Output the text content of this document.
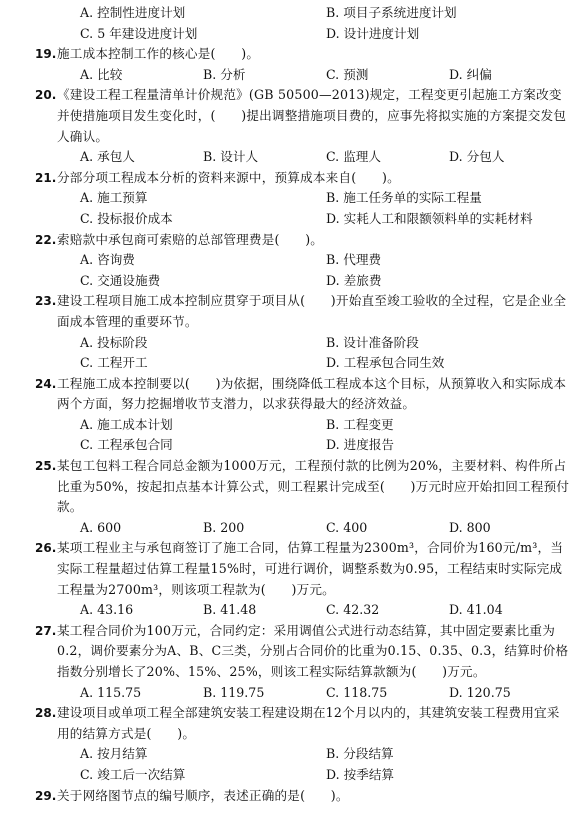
A. 控制性进度计划	B. 项目子系统进度计划
C. 5 年建设进度计划	D. 设计进度计划
19. 施工成本控制工作的核心是(　　)。
A. 比较	B. 分析	C. 预测	D. 纠偏
20. 《建设工程工程量清单计价规范》(GB 50500—2013)规定，工程变更引起施工方案改变并使措施项目发生变化时，(　　)提出调整措施项目费的，应事先将拟实施的方案提交发包人确认。
A. 承包人	B. 设计人	C. 监理人	D. 分包人
21. 分部分项工程成本分析的资料来源中，预算成本来自(　　)。
A. 施工预算	B. 施工任务单的实际工程量
C. 投标报价成本	D. 实耗人工和限额领料单的实耗材料
22. 索赔款中承包商可索赔的总部管理费是(　　)。
A. 咨询费	B. 代理费
C. 交通设施费	D. 差旅费
23. 建设工程项目施工成本控制应贯穿于项目从(　　)开始直至竣工验收的全过程，它是企业全面成本管理的重要环节。
A. 投标阶段	B. 设计准备阶段
C. 工程开工	D. 工程承包合同生效
24. 工程施工成本控制要以(　　)为依据，围绕降低工程成本这个目标，从预算收入和实际成本两个方面，努力挖掘增收节支潜力，以求获得最大的经济效益。
A. 施工成本计划	B. 工程变更
C. 工程承包合同	D. 进度报告
25. 某包工包料工程合同总金额为1000万元，工程预付款的比例为20%，主要材料、构件所占比重为50%，按起扣点基本计算公式，则工程累计完成至(　　)万元时应开始扣回工程预付款。
A. 600	B. 200	C. 400	D. 800
26. 某项工程业主与承包商签订了施工合同，估算工程量为2300m³，合同价为160元/m³，当实际工程量超过估算工程量15%时，可进行调价，调整系数为0.95，工程结束时实际完成工程量为2700m³，则该项工程款为(　　)万元。
A. 43.16	B. 41.48	C. 42.32	D. 41.04
27. 某工程合同价为100万元，合同约定：采用调值公式进行动态结算，其中固定要素比重为0.2，调价要素分为A、B、C三类，分别占合同价的比重为0.15、0.35、0.3，结算时价格指数分别增长了20%、15%、25%，则该工程实际结算款额为(　　)万元。
A. 115.75	B. 119.75	C. 118.75	D. 120.75
28. 建设项目或单项工程全部建筑安装工程建设期在12个月以内的，其建筑安装工程费用宜采用的结算方式是(　　)。
A. 按月结算	B. 分段结算
C. 竣工后一次结算	D. 按季结算
29. 关于网络图节点的编号顺序，表述正确的是(　　)。
